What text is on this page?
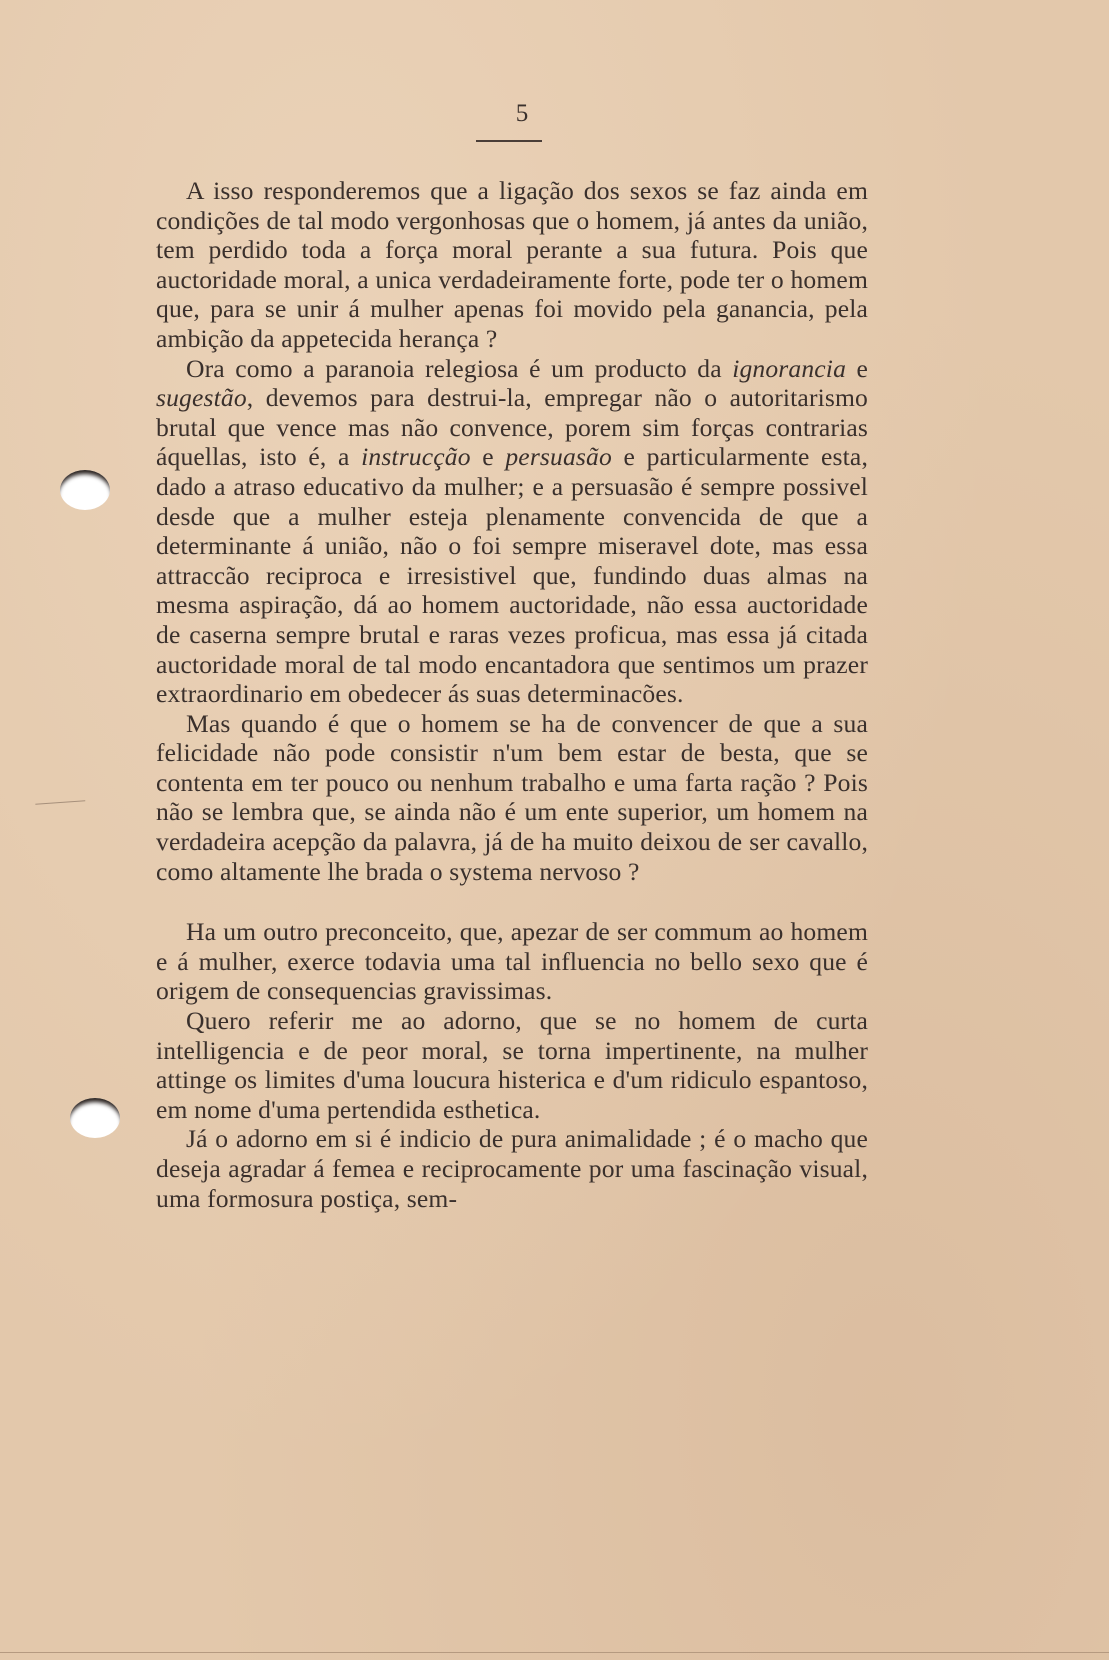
5

A isso responderemos que a ligação dos sexos se faz ainda em condições de tal modo vergonhosas que o homem, já antes da união, tem perdido toda a força moral perante a sua futura. Pois que auctoridade moral, a unica verdadeiramente forte, pode ter o homem que, para se unir á mulher apenas foi movido pela ganancia, pela ambição da appetecida herança ?

Ora como a paranoia relegiosa é um producto da ignorancia e sugestão, devemos para destrui-la, empregar não o autoritarismo brutal que vence mas não convence, porem sim forças contrarias áquellas, isto é, a instrucção e persuasão e particularmente esta, dado a atraso educativo da mulher; e a persuasão é sempre possivel desde que a mulher esteja plenamente convencida de que a determinante á união, não o foi sempre miseravel dote, mas essa attraccão reciproca e irresistivel que, fundindo duas almas na mesma aspiração, dá ao homem auctoridade, não essa auctoridade de caserna sempre brutal e raras vezes proficua, mas essa já citada auctoridade moral de tal modo encantadora que sentimos um prazer extraordinario em obedecer ás suas determinacões.

Mas quando é que o homem se ha de convencer de que a sua felicidade não pode consistir n'um bem estar de besta, que se contenta em ter pouco ou nenhum trabalho e uma farta ração ? Pois não se lembra que, se ainda não é um ente superior, um homem na verdadeira acepção da palavra, já de ha muito deixou de ser cavallo, como altamente lhe brada o systema nervoso ?

Ha um outro preconceito, que, apezar de ser commum ao homem e á mulher, exerce todavia uma tal influencia no bello sexo que é origem de consequencias gravissimas.

Quero referir me ao adorno, que se no homem de curta intelligencia e de peor moral, se torna impertinente, na mulher attinge os limites d'uma loucura histerica e d'um ridiculo espantoso, em nome d'uma pertendida esthetica.

Já o adorno em si é indicio de pura animalidade ; é o macho que deseja agradar á femea e reciprocamente por uma fascinação visual, uma formosura postiça, sem-
